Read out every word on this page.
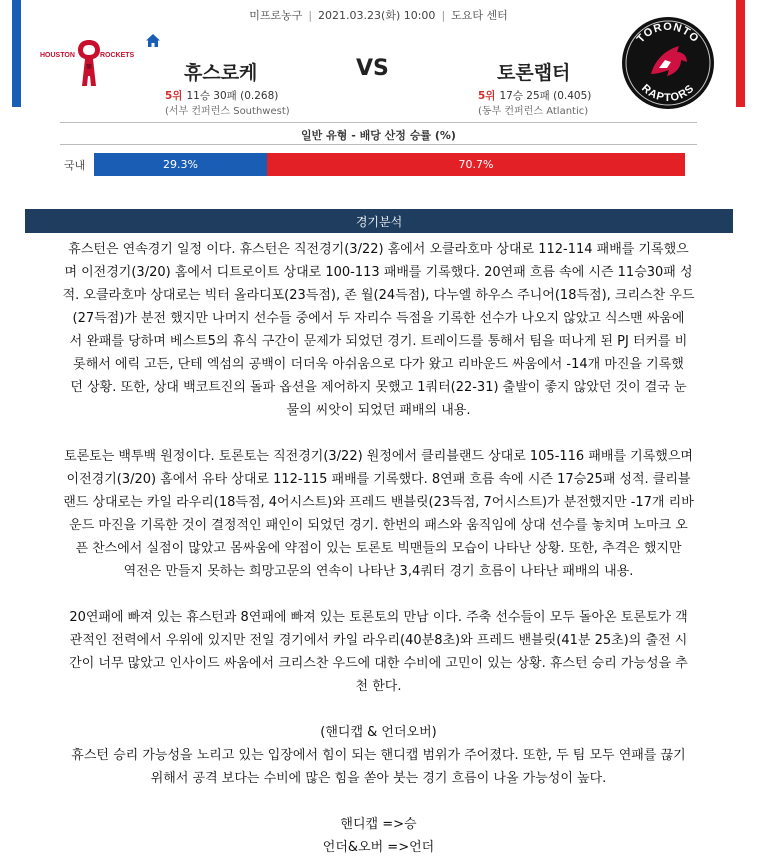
미프로농구 | 2021.03.23(화) 10:00 | 도요타 센터
HOUSTON	ROCKETS
TORONTO
RAPTORS
휴스로케	VS	토론랩터
5위 11승 30패 (0.268)
(서부 컨퍼런스 Southwest)
5위 17승 25패 (0.405)
(동부 컨퍼런스 Atlantic)
일반 유형 - 배당 산정 승률 (%)
국내	29.3%	70.7%
경기분석

휴스턴은 연속경기 일정 이다. 휴스턴은 직전경기(3/22) 홈에서 오클라호마 상대로 112-114 패배를 기록했으

며 이전경기(3/20) 홈에서 디트로이트 상대로 100-113 패배를 기록했다. 20연패 흐름 속에 시즌 11승30패 성

적. 오클라호마 상대로는 빅터 올라디포(23득점), 존 월(24득점), 다누엘 하우스 주니어(18득점), 크리스찬 우드

(27득점)가 분전 했지만 나머지 선수들 중에서 두 자리수 득점을 기록한 선수가 나오지 않았고 식스맨 싸움에

서 완패를 당하며 베스트5의 휴식 구간이 문제가 되었던 경기. 트레이드를 통해서 팀을 떠나게 된 PJ 터커를 비

롯해서 에릭 고든, 단테 엑섬의 공백이 더더욱 아쉬움으로 다가 왔고 리바운드 싸움에서 -14개 마진을 기록했

던 상황. 또한, 상대 백코트진의 돌파 옵션을 제어하지 못했고 1쿼터(22-31) 출발이 좋지 않았던 것이 결국 눈

물의 씨앗이 되었던 패배의 내용.

토론토는 백투백 원정이다. 토론토는 직전경기(3/22) 원정에서 클리블랜드 상대로 105-116 패배를 기록했으며

이전경기(3/20) 홈에서 유타 상대로 112-115 패배를 기록했다. 8연패 흐름 속에 시즌 17승25패 성적. 클리블

랜드 상대로는 카일 라우리(18득점, 4어시스트)와 프레드 밴블릿(23득점, 7어시스트)가 분전했지만 -17개 리바

운드 마진을 기록한 것이 결정적인 패인이 되었던 경기. 한번의 패스와 움직임에 상대 선수를 놓치며 노마크 오

픈 찬스에서 실점이 많았고 몸싸움에 약점이 있는 토론토 빅맨들의 모습이 나타난 상황. 또한, 추격은 했지만

역전은 만들지 못하는 희망고문의 연속이 나타난 3,4쿼터 경기 흐름이 나타난 패배의 내용.

20연패에 빠져 있는 휴스턴과 8연패에 빠져 있는 토론토의 만남 이다. 주축 선수들이 모두 돌아온 토론토가 객

관적인 전력에서 우위에 있지만 전일 경기에서 카일 라우리(40분8초)와 프레드 밴블릿(41분 25초)의 출전 시

간이 너무 많았고 인사이드 싸움에서 크리스찬 우드에 대한 수비에 고민이 있는 상황. 휴스턴 승리 가능성을 추

천 한다.

(핸디캡 & 언더오버)

휴스턴 승리 가능성을 노리고 있는 입장에서 힘이 되는 핸디캡 범위가 주어졌다. 또한, 두 팀 모두 연패를 끊기

위해서 공격 보다는 수비에 많은 힘을 쏟아 붓는 경기 흐름이 나올 가능성이 높다.

핸디캡 =>승

언더&오버 =>언더
